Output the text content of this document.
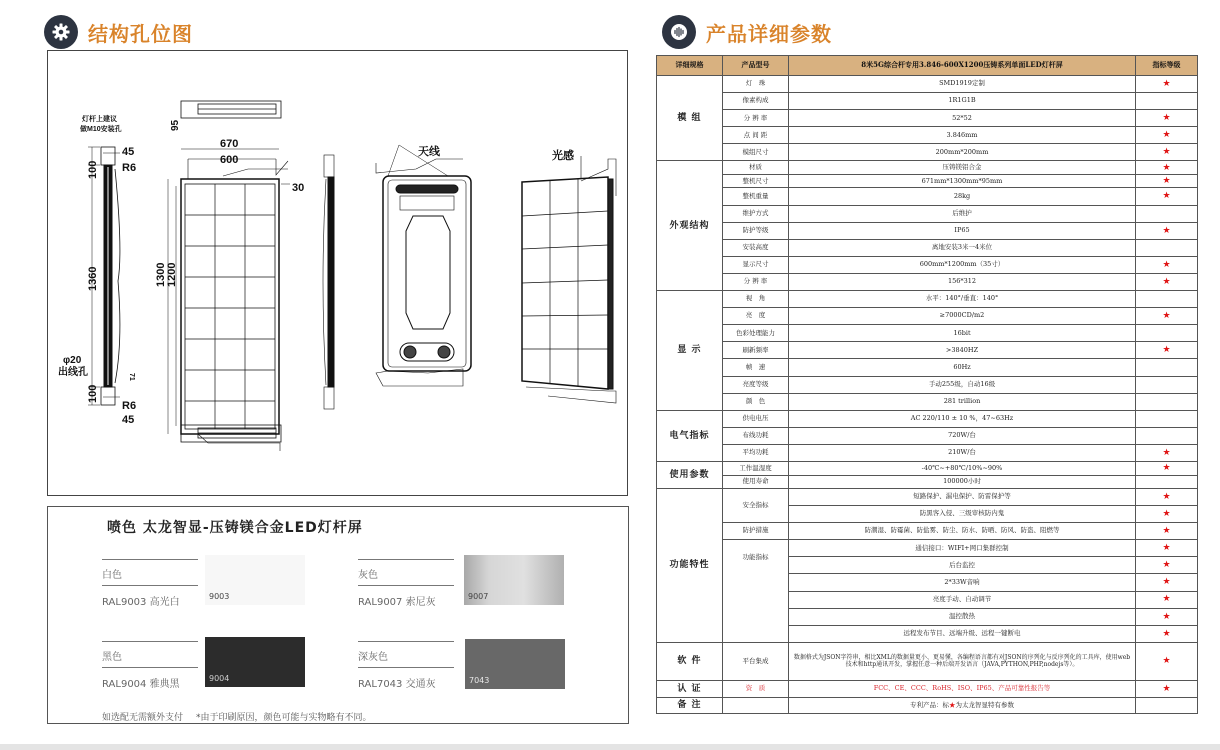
结构孔位图	产品详细参数
灯杆上建议
做M10安装孔
45
R6
R6
45
φ20
出线孔
100
1360
100
71
95
670
600
30
1300 1200
天线	光感
喷色 太龙智显-压铸镁合金LED灯杆屏
白色
RAL9003 高光白
9003
灰色
RAL9007 索尼灰
9007
黑色
RAL9004 雅典黑
9004
深灰色
RAL7043 交通灰	7043
如选配无需额外支付 *由于印刷原因，颜色可能与实物略有不同。
详细规格	产品型号	8米5G综合杆专用3.846-600X1200压铸系列单面LED灯杆屏	指标等级
模 组	灯　珠	SMD1919定制	★
	像素构成	1R1G1B	
	分 辨 率	52*52	★
	点 间 距	3.846mm	★
	模组尺寸	200mm*200mm	★
外观结构	材质	压铸镁铝合金	★
	整机尺寸	671mm*1300mm*95mm	★
	整机重量	28kg	★
	维护方式	后维护	
	防护等级	IP65	★
	安装高度	离地安装3米一4米位	
	显示尺寸	600mm*1200mm（35寸）	★
	分 辨 率	156*312	★
显 示	视　角	水平：140°/垂直：140°	
	亮　度	≥7000CD/m2	★
	色彩处理能力	16bit	
	刷新频率	>3840HZ	★
	帧　速	60Hz	
	亮度等级	手动255级，自动16级	
	颜　色	281 trillion	
电气指标	供电电压	AC 220/110 ± 10 %，47~63Hz	
	布线功耗	720W/台	
	平均功耗	210W/台	★
使用参数	工作温湿度	-40℃~+80℃/10%~90%	★
	使用寿命	100000小时	
功能特性	安全指标	短路保护、漏电保护、防雷保护等	★
		防黑客入侵、三级审核防内鬼	★
	防护措施	防潮湿、防霉菌、防盐雾、防尘、防水、防晒、防风、防盗、阻燃等	★
	功能指标	通信接口：WIFI+网口集群控制	★
		后台监控	★
		2*33W音响	★
		亮度手动、自动调节	★
		温控散热	★
		远程发布节目、远端升级、远程一键断电	★
软 件	平台集成	数据格式为JSON字符串，相比XML的数据量更小、更易懂，各编程语言都有对JSON的序列化与反序列化的工具库，使用web技术和http通讯开发，掌握任意一种后端开发语言（JAVA,PYTHON,PHP,nodejs等）。	★
认 证	资　质	FCC、CE、CCC、RoHS、ISO、IP65、产品可靠性报告等	★
备 注		专利产品：标★为太龙智显特有参数	
